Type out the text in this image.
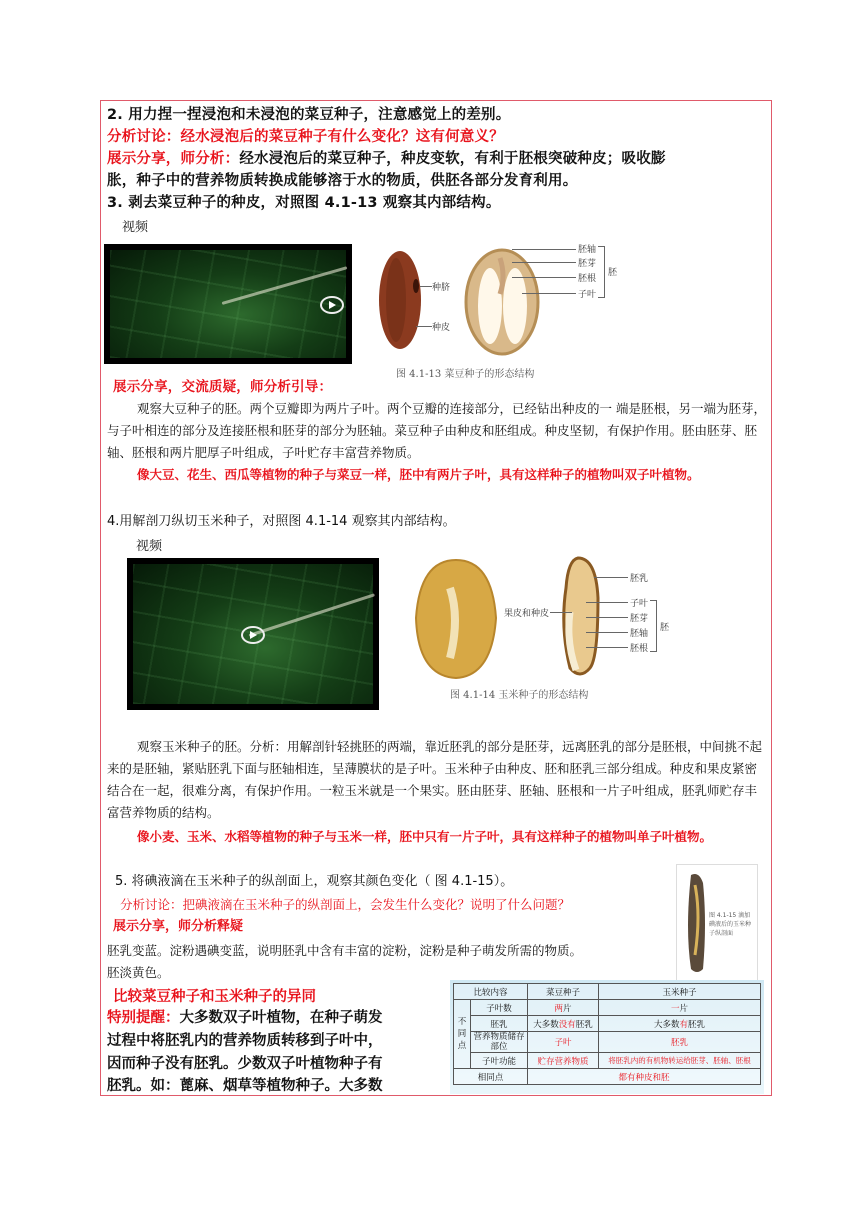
2. 用力捏一捏浸泡和未浸泡的菜豆种子，注意感觉上的差别。
分析讨论：经水浸泡后的菜豆种子有什么变化？这有何意义？
展示分享，师分析：经水浸泡后的菜豆种子，种皮变软，有利于胚根突破种皮；吸收膨
胀，种子中的营养物质转换成能够溶于水的物质，供胚各部分发育利用。
3. 剥去菜豆种子的种皮，对照图 4.1-13 观察其内部结构。
视频
种脐
种皮
胚轴
胚芽
胚根
子叶
胚
图 4.1-13 菜豆种子的形态结构
展示分享，交流质疑，师分析引导：
观察大豆种子的胚。两个豆瓣即为两片子叶。两个豆瓣的连接部分，已经钻出种皮的一 端是胚根，另一端为胚芽，与子叶相连的部分及连接胚根和胚芽的部分为胚轴。菜豆种子由种皮和胚组成。种皮坚韧，有保护作用。胚由胚芽、胚轴、胚根和两片肥厚子叶组成，子叶贮存丰富营养物质。
像大豆、花生、西瓜等植物的种子与菜豆一样，胚中有两片子叶，具有这样种子的植物叫双子叶植物。
4.用解剖刀纵切玉米种子，对照图 4.1-14 观察其内部结构。
视频
果皮和种皮
胚乳
子叶
胚芽
胚轴
胚根
胚
图 4.1-14 玉米种子的形态结构
观察玉米种子的胚。分析：用解剖针轻挑胚的两端，靠近胚乳的部分是胚芽，远离胚乳的部分是胚根，中间挑不起来的是胚轴，紧贴胚乳下面与胚轴相连，呈薄膜状的是子叶。玉米种子由种皮、胚和胚乳三部分组成。种皮和果皮紧密结合在一起，很难分离，有保护作用。一粒玉米就是一个果实。胚由胚芽、胚轴、胚根和一片子叶组成，胚乳师贮存丰富营养物质的结构。
像小麦、玉米、水稻等植物的种子与玉米一样，胚中只有一片子叶，具有这样种子的植物叫单子叶植物。
5. 将碘液滴在玉米种子的纵剖面上，观察其颜色变化（ 图 4.1-15）。
分析讨论：把碘液滴在玉米种子的纵剖面上，会发生什么变化？说明了什么问题？
展示分享，师分析释疑
胚乳变蓝。淀粉遇碘变蓝，说明胚乳中含有丰富的淀粉，淀粉是种子萌发所需的物质。
胚淡黄色。
图 4.1-15 滴加碘液后的玉米种子纵剖面
比较菜豆种子和玉米种子的异同
特别提醒：大多数双子叶植物，在种子萌发
过程中将胚乳内的营养物质转移到子叶中，
因而种子没有胚乳。少数双子叶植物种子有
胚乳。如：蓖麻、烟草等植物种子。大多数
比较内容		菜豆种子	玉米种子
不同点	子叶数	两片	一片
	胚乳	大多数没有胚乳	大多数有胚乳
	营养物质储存部位	子叶	胚乳
	子叶功能	贮存营养物质	将胚乳内的有机物转运给胚芽、胚轴、胚根
相同点		都有种皮和胚	
